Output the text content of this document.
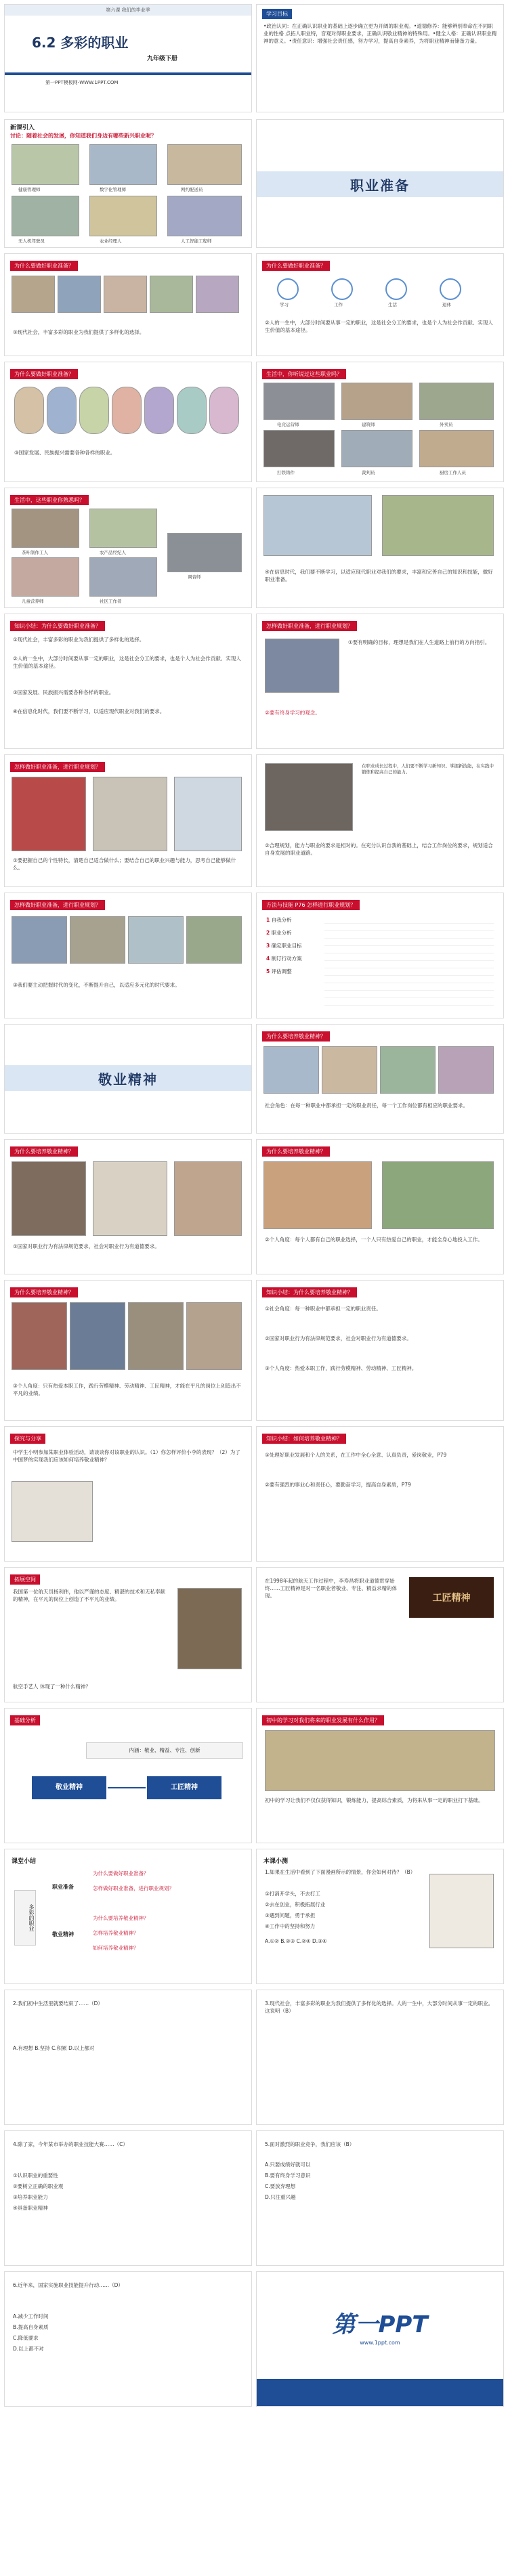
第六课 我们的毕业季
6.2 多彩的职业
九年级下册
第一PPT模板网-WWW.1PPT.COM
学习目标
•政治认同：在正确认识职业的基础上逐步确立更为开阔的职业观。•道德修养：能够辨别奉命在不同职业的性格 点拓人职业特，音观对得职业要求，正确认识敬业精神的特殊用。•健全人格：正确认识职业精神的意义。•责任意识：增强社会责任感，努力学习，提高自身素养，为将职业精神而储备力量。
新课引入
讨论：随着社会的发展，你知道我们身边有哪些新兴职业呢？
健康管理师	数字化管理师	网约配送员
无人机驾驶员	农业经理人	人工智能工程师
职业准备
为什么要做好职业准备？
①现代社会，丰富多彩的职业为我们提供了多样化的选择。
为什么要做好职业准备？
学习	工作	生活	退休
②人的一生中，大部分时间要从事一定的职业，这是社会分工的要求，也是个人为社会作贡献、实现人生价值的基本途径。
为什么要做好职业准备？
③国家发展、民族振兴需要各种各样的职业。
生活中，你听说过这些职业吗？
电竞运营师	建筑师	外卖员
打铁铸件	裁判员	厨房工作人员
生活中，这些职业你熟悉吗？
茶叶制作工人	农产品经纪人
儿童营养师	社区工作者
调音师
④在信息时代，我们要不断学习，以适应现代职业对我们的要求，丰富和完善自己的知识和技能，做好职业准备。
知识小结：为什么要做好职业准备？
①现代社会，丰富多彩的职业为我们提供了多样化的选择。
②人的一生中，大部分时间要从事一定的职业，这是社会分工的要求，也是个人为社会作贡献、实现人生价值的基本途径。
③国家发展、民族振兴需要各种各样的职业。
④在信息化时代，我们要不断学习，以适应现代职业对我们的要求。
怎样做好职业准备，进行职业规划？
①要有明确的目标，理想是我们在人生道路上前行的方向指引。
②要有终身学习的观念。
怎样做好职业准备，进行职业规划？
①要把握自己的个性特长，清楚自己适合做什么；要结合自己的职业兴趣与能力，思考自己能够做什么。
在职业成长过程中，人们要不断学习新知识、掌握新技能，在实践中锻炼和提高自己的能力。
②合理规划，能力与职业的要求是相对的。在充分认识自我的基础上，结合工作岗位的要求，规划适合自身发展的职业道路。
怎样做好职业准备，进行职业规划？
③我们要主动把握时代的变化，不断提升自己，以适应多元化的时代要求。
方法与技能 P76 怎样进行职业规划？
1 自我分析
2 职业分析
3 确定职业目标
4 制订行动方案
5 评估调整
敬业精神
为什么要培养敬业精神？
社会角色：在每一种职业中都承担一定的职业责任，每一个工作岗位都有相应的职业要求。
为什么要培养敬业精神？
①国家对职业行为有法律规范要求，社会对职业行为有道德要求。
为什么要培养敬业精神？
②个人角度：每个人都有自己的职业选择，一个人只有热爱自己的职业，才能全身心地投入工作。
为什么要培养敬业精神？
③个人角度：只有热爱本职工作，践行劳模精神、劳动精神、工匠精神，才能在平凡的岗位上创造出不平凡的业绩。
知识小结：为什么要培养敬业精神？
①社会角度：每一种职业中都承担一定的职业责任。
②国家对职业行为有法律规范要求，社会对职业行为有道德要求。
③个人角度：热爱本职工作，践行劳模精神、劳动精神、工匠精神。
探究与分享
中学生小明参加某职业体验活动，请谈谈你对该职业的认识。（1）你怎样评价小李的表现？（2）为了中国梦的实现我们应该如何培养敬业精神？
知识小结：如何培养敬业精神？
①处理好职业发展和个人的关系，在工作中全心全意、认真负责，爱岗敬业，P79
②要有强烈的事业心和责任心，要勤奋学习，提高自身素质，P79
拓展空间
我国第一位航天员杨利伟，他以严谨的态度、精湛的技术和无私奉献的精神，在平凡的岗位上创造了不平凡的业绩。
航空手艺人 体现了一种什么精神？
在1998年起的航天工作过程中，李寿昌将职业道德贯穿始终……工匠精神是对一名职业者敬业、专注、精益求精的体现。	工匠精神
基础分析
内涵：敬业、精益、专注、创新
敬业精神	工匠精神
初中的学习对我们将来的职业发展有什么作用？
初中的学习让我们不仅仅获得知识，锻炼能力，提高综合素质，为将来从事一定的职业打下基础。
课堂小结
多彩的职业
职业准备
敬业精神
为什么要做好职业准备？
怎样做好职业准备，进行职业规划？
为什么要培养敬业精神？
怎样培养敬业精神？
如何培养敬业精神？
本课小测
1.如果在生活中看到了下面漫画所示的情景，你会如何对待？（B）
①打消开学头，不去打工
②去在创业，积极拓展行业
③遇到问题，勇于承担
④工作中的坚持和努力
A.①② B.②③ C.②④ D.③④
2.我们初中生活里就要结束了……（D）
A.有理想 B.坚持 C.积累 D.以上都对
3.现代社会，丰富多彩的职业为我们提供了多样化的选择。人的一生中，大部分时间从事一定的职业。这说明（B）
4.除了家，今年某市举办的职业技能大赛……（C）
①认识职业的重要性
②要树立正确的职业观
③培养职业能力
④具备职业精神
5.面对激烈的职业竞争，我们应该（B）
A.只要成绩好就可以
B.要有终身学习意识
C.要放弃理想
D.只注重兴趣
6.近年来，国家实施职业技能提升行动……（D）
A.减少工作时间
B.提高自身素质
C.降低要求
D.以上都不对
第一PPT
www.1ppt.com
